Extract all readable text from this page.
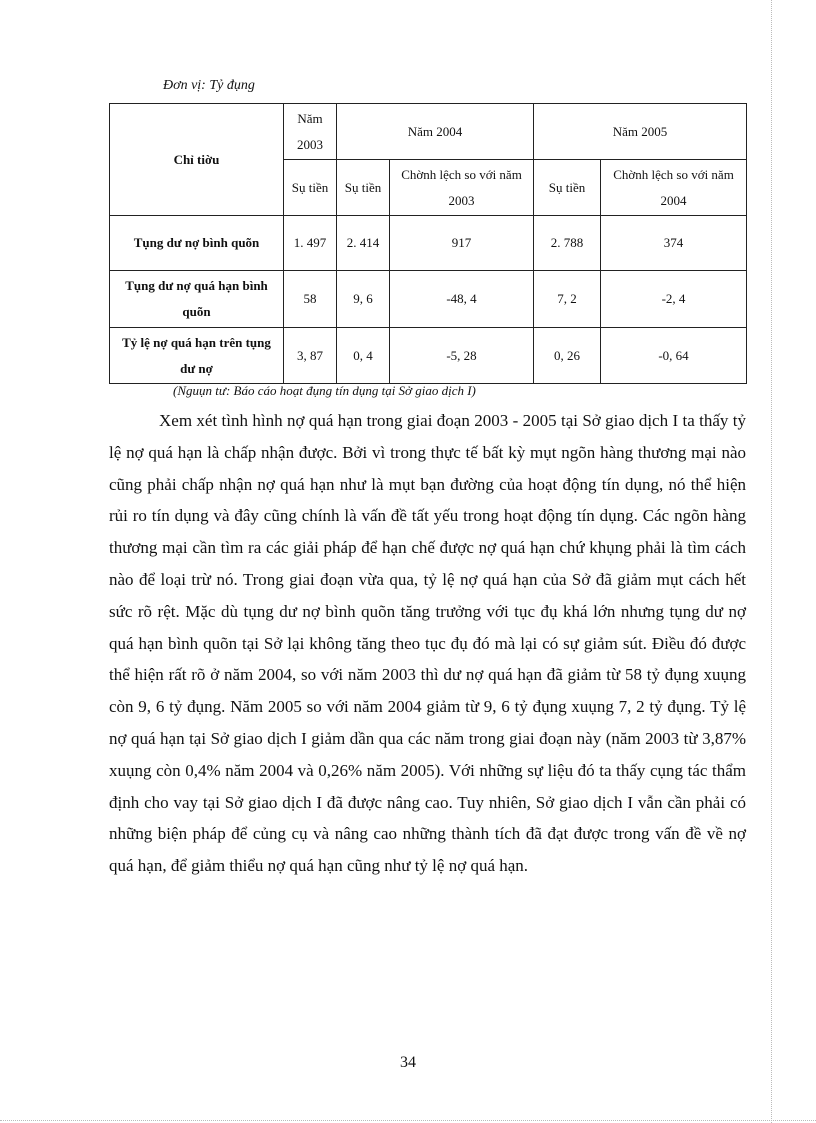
Đơn vị: Tỷ đụng
Chỉ tiờu	Năm 2003	Năm 2004		Năm 2005	
	Sụ tiền	Sụ tiền	Chờnh lệch so với năm 2003	Sụ tiền	Chờnh lệch so với năm 2004
Tụng dư nợ bình quõn	1. 497	2. 414	917	2. 788	374
Tụng dư nợ quá hạn bình quõn	58	9, 6	-48, 4	7, 2	-2, 4
Tỷ lệ nợ quá hạn trên tụng dư nợ	3, 87	0, 4	-5, 28	0, 26	-0, 64
(Nguụn tư: Báo cáo hoạt đụng tín dụng tại Sở giao dịch I)

Xem xét tình hình nợ quá hạn trong giai đoạn 2003 - 2005 tại Sở giao dịch I ta thấy tỷ lệ nợ quá hạn là chấp nhận được. Bởi vì trong thực tế bất kỳ mụt ngõn hàng thương mại nào cũng phải chấp nhận nợ quá hạn như là mụt bạn đường của hoạt động tín dụng, nó thể hiện rủi ro tín dụng và đây cũng chính là vấn đề tất yếu trong hoạt động tín dụng. Các ngõn hàng thương mại cần tìm ra các giải pháp để hạn chế được nợ quá hạn chứ khụng phải là tìm cách nào để loại trừ nó. Trong giai đoạn vừa qua, tỷ lệ nợ quá hạn của Sở đã giảm mụt cách hết sức rõ rệt. Mặc dù tụng dư nợ bình quõn tăng trưởng với tục đụ khá lớn nhưng tụng dư nợ quá hạn bình quõn tại Sở lại không tăng theo tục đụ đó mà lại có sự giảm sút. Điều đó được thể hiện rất rõ ở năm 2004, so với năm 2003 thì dư nợ quá hạn đã giảm từ 58 tỷ đụng xuụng còn 9, 6 tỷ đụng. Năm 2005 so với năm 2004 giảm từ 9, 6 tỷ đụng xuụng 7, 2 tỷ đụng. Tỷ lệ nợ quá hạn tại Sở giao dịch I giảm dần qua các năm trong giai đoạn này (năm 2003 từ 3,87% xuụng còn 0,4% năm 2004 và 0,26% năm 2005). Với những sự liệu đó ta thấy cụng tác thẩm định cho vay tại Sở giao dịch I đã được nâng cao. Tuy nhiên, Sở giao dịch I vẫn cần phải có những biện pháp để củng cụ và nâng cao những thành tích đã đạt được trong vấn đề về nợ quá hạn, để giảm thiểu nợ quá hạn cũng như tỷ lệ nợ quá hạn.

34
